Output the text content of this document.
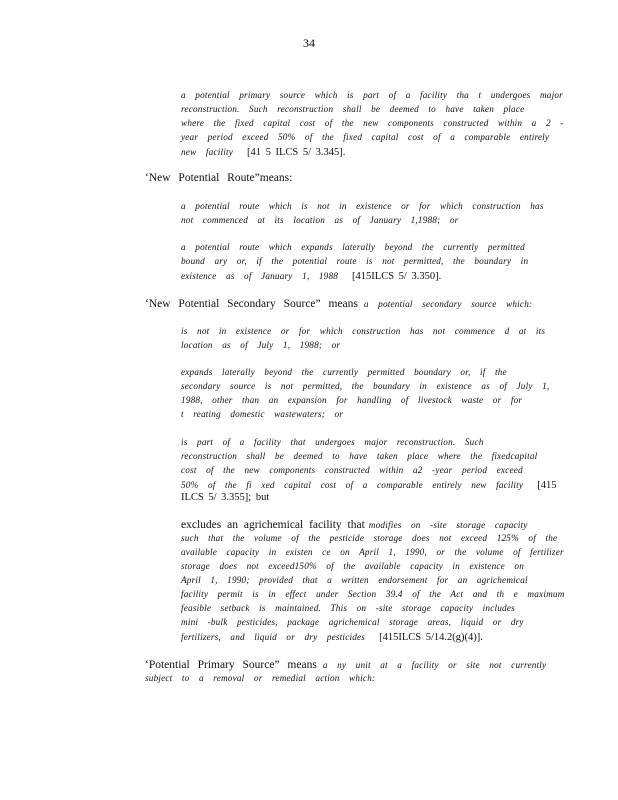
34
a potential primary source which is part of a facility tha t undergoes major
reconstruction. Such reconstruction shall be deemed to have taken place
where the fixed capital cost of the new components constructed within a 2 -
year period exceed 50% of the fixed capital cost of a comparable entirely
new facility [41 5 ILCS 5/ 3.345].
‘New Potential Route”means:
a potential route which is not in existence or for which construction has
not commenced at its location as of January 1,1988; or
a potential route which expands laterally beyond the currently permitted
bound ary or, if the potential route is not permitted, the boundary in
existence as of January 1, 1988 [415ILCS 5/ 3.350].
‘New Potential Secondary Source” means a potential secondary source which:
is not in existence or for which construction has not commence d at its
location as of July 1, 1988; or
expands laterally beyond the currently permitted boundary or, if the
secondary source is not permitted, the boundary in existence as of July 1,
1988, other than an expansion for handling of livestock waste or for
t reating domestic wastewaters; or
is part of a facility that undergoes major reconstruction. Such
reconstruction shall be deemed to have taken place where the fixedcapital
cost of the new components constructed within a2 -year period exceed
50% of the fi xed capital cost of a comparable entirely new facility [415
ILCS 5/ 3.355]; but
excludes an agrichemical facility that modifies on -site storage capacity
such that the volume of the pesticide storage does not exceed 125% of the
available capacity in existen ce on April 1, 1990, or the volume of fertilizer
storage does not exceed150% of the available capacity in existence on
April 1, 1990; provided that a written endorsement for an agrichemical
facility permit is in effect under Section 39.4 of the Act and th e maximum
feasible setback is maintained. This on -site storage capacity includes
mini -bulk pesticides, package agrichemical storage areas, liquid or dry
fertilizers, and liquid or dry pesticides [415ILCS 5/14.2(g)(4)].
‘Potential Primary Source” means a ny unit at a facility or site not currently
subject to a removal or remedial action which:
